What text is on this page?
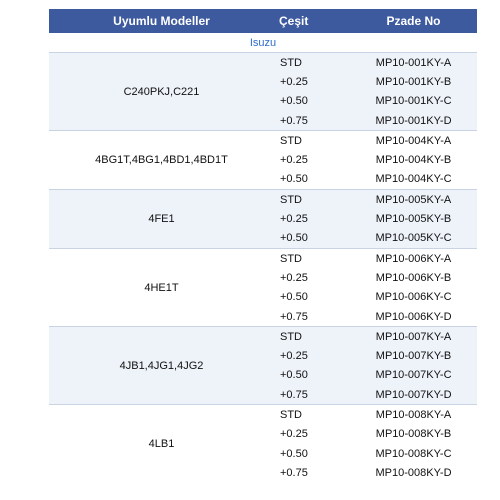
Uyumlu Modeller	Çeşit	Pzade No
Isuzu		
C240PKJ,C221	STD	MP10-001KY-A
	+0.25	MP10-001KY-B
	+0.50	MP10-001KY-C
	+0.75	MP10-001KY-D
4BG1T,4BG1,4BD1,4BD1T	STD	MP10-004KY-A
	+0.25	MP10-004KY-B
	+0.50	MP10-004KY-C
4FE1	STD	MP10-005KY-A
	+0.25	MP10-005KY-B
	+0.50	MP10-005KY-C
4HE1T	STD	MP10-006KY-A
	+0.25	MP10-006KY-B
	+0.50	MP10-006KY-C
	+0.75	MP10-006KY-D
4JB1,4JG1,4JG2	STD	MP10-007KY-A
	+0.25	MP10-007KY-B
	+0.50	MP10-007KY-C
	+0.75	MP10-007KY-D
4LB1	STD	MP10-008KY-A
	+0.25	MP10-008KY-B
	+0.50	MP10-008KY-C
	+0.75	MP10-008KY-D
